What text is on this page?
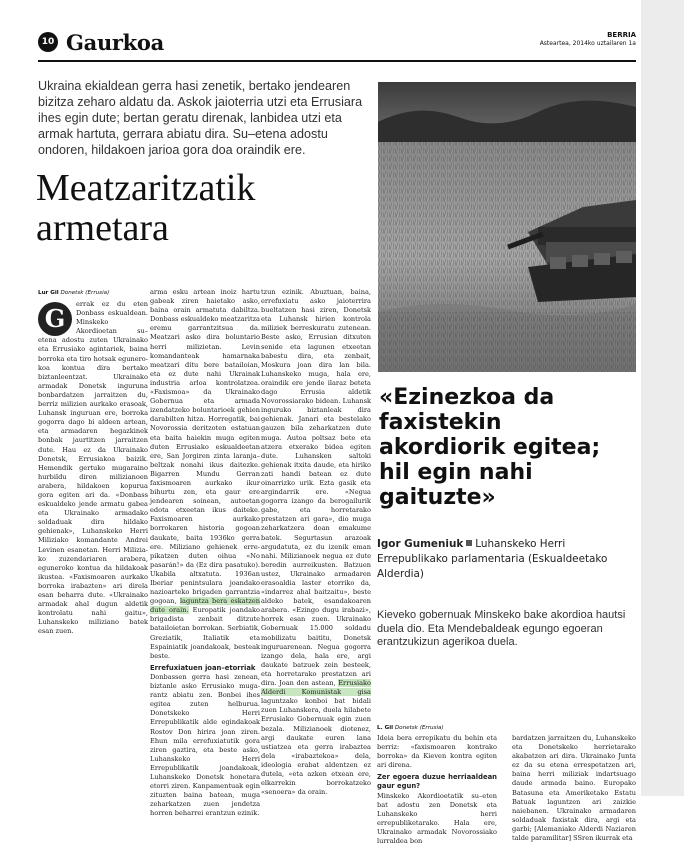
10 Gaurkoa	BERRIA
Asteartea, 2014ko uztailaren 1a
Ukraina ekialdean gerra hasi zenetik, bertako jendearen bizitza zeharo aldatu da. Askok jaioterria utzi eta Errusiara ihes egin dute; bertan geratu direnak, lanbidea utzi eta armak hartuta, gerrara abiatu dira. Su–etena adostu ondoren, hildakoen jarioa gora doa oraindik ere.
Meatzaritzatik
armetara
Lur Gil Donetsk (Errusia)
G	errak ez du eten Donbass eskualdean. Minskeko Akordioetan su–etena adostu zuten Ukrainako eta Errusiako agintariek, baina borroka eta tiro hotsak egunero-koa kontua dira bertako biztanleentzat. Ukrainako armadak Donetsk inguruna bonbardatzen jarraitzen du, berriz milizien aurkako erasoak, Luhansk inguruan ere, borroka gogorra dago bi aldeen artean, eta armadaren hegazkinek bonbak jaurtitzen jarraitzen dute. Hau ez da Ukrainako Donetsk, Errusiakoa baizik. Hemendik gertuko mugaraino hurbildu diren milizianoen arabera, hildakoen kopurua gora egiten ari da. «Donbass eskualdeko jende armatu gabea eta Ukrainako armadako soldaduak dira hildako gehienak», Luhanskeko Herri Miliziako komandante Andrei Levinen esanetan. Herri Miliziako zuzendariaren arabera, eguneroko kontua da hildakoak ikustea. «Faxismoaren aurkako borroka irabazten» ari direla esan beharra dute. «Ukrainako armadak ahal dugun aldetik kontrolatu nahi gaitu», Luhanskeko miliziano batek esan zuen.

arma esku artean inoiz hartu gabeak ziren haietako asko, baina orain armatuta dabiltza. Donbass eskualdeko meatzaritza eremu garrantzitsua da. Meatzari asko dira boluntario herri milizietan. Levin komandanteak hamarnaka meatzari ditu bere batailoian, eta ez dute nahi Ukrainak industria arloa kontrolatzea. «Faxismoa» da Ukrainako Gobernua eta armada izendatzeko boluntarioek gehien darabilten hitza. Horregatik, bai Novorossia deritzoten estatuan eta baita haiekin muga egiten duten Errusiako eskualdeetan ere, San Jorgiren zinta laranja–beltzak nonahi ikus daitezke. Bigarren Mundu Gerran faxismoaren aurkako ikur bihurtu zen, eta gaur ere jendearen soinean, autoetan edota etxeetan ikus daiteke. Faxismoaren aurkako borrokaren historia gogoan daukate, baita 1936ko gerra ere. Miliziano gehienek errepikatzen duten oihua «No pasarán!» da (Ez dira pasatuko). Ukabila altxatuta. 1936an Iberiar penintsulara joandako nazioarteko brigaden garrantzia gogoan, laguntza bera eskatzen dute orain. Europatik joandako brigadista zenbait ditzute batailoietan borrokan. Serbiatik, Greziatik, Italiatik eta Espainiatik joandakoak, besteak beste.

Errefuxiatuen joan–etorriak

Donbassen gerra hasi zenean, biztanle asko Errusiako mugarantz abiatu zen. Bonbei ihes egitea zuten helburua. Donetskeko Herri Errepublikatik alde egindakoak Rostov Don hirira joan ziren. Ehun mila errefuxiatutik gora ziren gaztira, eta beste asko, Luhanskeko Herri Errepublikatik joandakoak, Luhanskeko Donetsk honetara etorri ziren. Kanpamentuak egin zituzten baina batean, muga zeharkatzen zuen jendetza horren beharrei erantzun ezinik.

tzun ezinik. Abuztuan, baina, errefuxiatu asko jaioterrira bueltatzen hasi ziren, Donetsk eta Luhansk hirien kontrola miliziek berreskuratu zutenean. Beste asko, Errusian ditxuten senide eta lagunen etxeetan babestu dira, eta zenbait, Moskura joan dira lan bila. Luhanskeko muga, hala ere, oraindik ere jende ilaraz beteta dago Errusia aldetik Novorossiarako bidean. Luhansk inguruko biztanleak dira gehienak. Janari eta bestelako gauzen bila zeharkatzen dute muga. Autoa poltsaz bete eta atzera etxerako bidea egiten dute. Luhansken saltoki gehienak itxita daude, eta hiriko zati handi batean ez dute oinarrizko urik. Ezta gasik eta argindarrik ere. «Negua gogorra izango da berogailurik gabe, eta horretarako prestatzen ari gara», dio muga zeharkatzera doan emakume batek. Segurtasun arazoak argudatuta, ez du izenik eman nahi. Milizianoek negua ez dute beredin aurreikusten. Batzuen ustez, Ukrainako armadaren erasoaldia laster etorriko da, «indarrez ahal baitzaitu», beste aldeko batek, esandakoaren arabera. «Ezingo dugu irabazi», horrek esan zuen. Ukrainako Gobernuak 15.000 soldadu mobilizatu baititu, Donetsk inguruarenean. Negua gogorra izango dela, hala ere, argi daukate batzuek zein besteek, eta horretarako prestatzen ari dira. Joan den astean, Errusiako Alderdi Komunistak gisa laguntzako konboi bat bidali zuen Luhanskera, duela hilabete Errusiako Gobernuak egin zuen bezala. Milizianoek diotenez, argi daukate euren lana ustiatzea eta gerra irabaztea dela «irabaztekoa» dela, ideologia erabat aldentzen ez dutela, «eta azken etxean ere, elkarrekin borrokatzeko «senoera» da orain.

«Ezinezkoa da faxistekin akordiorik egitea; hil egin nahi gaituzte»
Igor Gumeniuk Luhanskeko Herri Errepublikako parlamentaria (Eskualdeetako Alderdia)
Kieveko gobernuak Minskeko bake akordioa hautsi duela dio. Eta Mendebaldeak egungo egoeran erantzukizun agerikoa duela.
L. Gil Donetsk (Errusia)

Ideia bera errepikatu du behin eta berriz: «faxismoaren kontrako borroka» da Kieven kontra egiten ari direna.

Zer egoera duzue herriaaldean gaur egun?

Minskeko Akordioetatik su–eten bat adostu zen Donetsk eta Luhanskeko herri errepubliketarako. Hala ere, Ukrainako armadak Novorossiako lurraldea bon

bardatzen jarraitzen du, Luhanskeko eta Donetskeko herrietarako akabatzen ari dira. Ukrainako Junta ez da su etena errespetatzen ari, baina herri miliziak indartsuago daude armada baino. Europako Batasuna eta Ameriketako Estatu Batuak laguntzen ari zaizkie naiebanen. Ukrainako armadaren soldaduak faxistak dira, argi eta garbi; [Alemaniako Alderdi Naziaren talde paramilitar] SSren ikurrak eta
